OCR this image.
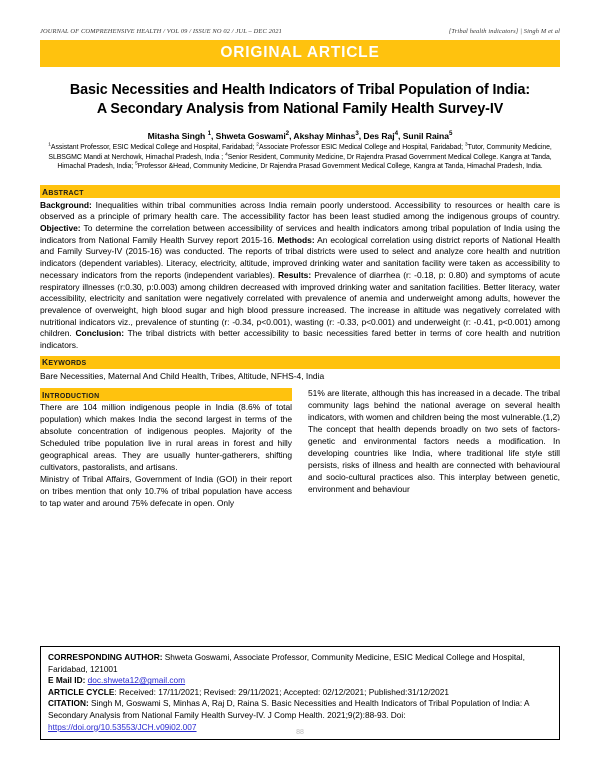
JOURNAL OF COMPREHENSIVE HEALTH / VOL 09 / ISSUE NO 02 / JUL – DEC 2021	[Tribal health indicators] | Singh M et al
ORIGINAL ARTICLE
Basic Necessities and Health Indicators of Tribal Population of India:
A Secondary Analysis from National Family Health Survey-IV
Mitasha Singh $^1$, Shweta Goswami$^2$, Akshay Minhas$^3$, Des Raj$^4$, Sunil Raina$^5$
$^1$Assistant Professor, ESIC Medical College and Hospital, Faridabad; $^2$Associate Professor ESIC Medical College and Hospital, Faridabad; $^3$Tutor, Community Medicine, SLBSGMC Mandi at Nerchowk, Himachal Pradesh, India ; $^4$Senior Resident, Community Medicine, Dr Rajendra Prasad Government Medical College. Kangra at Tanda, Himachal Pradesh, India; $^5$Professor &Head, Community Medicine, Dr Rajendra Prasad Government Medical College, Kangra at Tanda, Himachal Pradesh, India.
ABSTRACT
Background: Inequalities within tribal communities across India remain poorly understood. Accessibility to resources or health care is observed as a principle of primary health care. The accessibility factor has been least studied among the indigenous groups of country. Objective: To determine the correlation between accessibility of services and health indicators among tribal population of India using the indicators from National Family Health Survey report 2015-16. Methods: An ecological correlation using district reports of National Health and Family Survey-IV (2015-16) was conducted. The reports of tribal districts were used to select and analyze core health and nutrition indicators (dependent variables). Literacy, electricity, altitude, improved drinking water and sanitation facility were taken as accessibility to necessary indicators from the reports (independent variables). Results: Prevalence of diarrhea (r: -0.18, p: 0.80) and symptoms of acute respiratory illnesses (r:0.30, p:0.003) among children decreased with improved drinking water and sanitation facilities. Better literacy, water accessibility, electricity and sanitation were negatively correlated with prevalence of anemia and underweight among adults, however the prevalence of overweight, high blood sugar and high blood pressure increased. The increase in altitude was negatively correlated with nutritional indicators viz., prevalence of stunting (r: -0.34, p<0.001), wasting (r: -0.33, p<0.001) and underweight (r: -0.41, p<0.001) among children. Conclusion: The tribal districts with better accessibility to basic necessities fared better in terms of core health and nutrition indicators.
KEYWORDS
Bare Necessities, Maternal And Child Health, Tribes, Altitude, NFHS-4, India
INTRODUCTION

There are 104 million indigenous people in India (8.6% of total population) which makes India the second largest in terms of the absolute concentration of indigenous peoples. Majority of the Scheduled tribe population live in rural areas in forest and hilly geographical areas. They are usually hunter-gatherers, shifting cultivators, pastoralists, and artisans.

Ministry of Tribal Affairs, Government of India (GOI) in their report on tribes mention that only 10.7% of tribal population have access to tap water and around 75% defecate in open. Only

51% are literate, although this has increased in a decade. The tribal community lags behind the national average on several health indicators, with women and children being the most vulnerable.(1,2) The concept that health depends broadly on two sets of factors- genetic and environmental factors needs a modification. In developing countries like India, where traditional life style still persists, risks of illness and health are connected with behavioural and socio-cultural practices also. This interplay between genetic, environment and behaviour

CORRESPONDING AUTHOR: Shweta Goswami, Associate Professor, Community Medicine, ESIC Medical College and Hospital, Faridabad, 121001
E Mail ID: doc.shweta12@gmail.com
ARTICLE CYCLE: Received: 17/11/2021; Revised: 29/11/2021; Accepted: 02/12/2021; Published:31/12/2021
CITATION: Singh M, Goswami S, Minhas A, Raj D, Raina S. Basic Necessities and Health Indicators of Tribal Population of India: A Secondary Analysis from National Family Health Survey-IV. J Comp Health. 2021;9(2):88-93. Doi: https://doi.org/10.53553/JCH.v09i02.007
88
